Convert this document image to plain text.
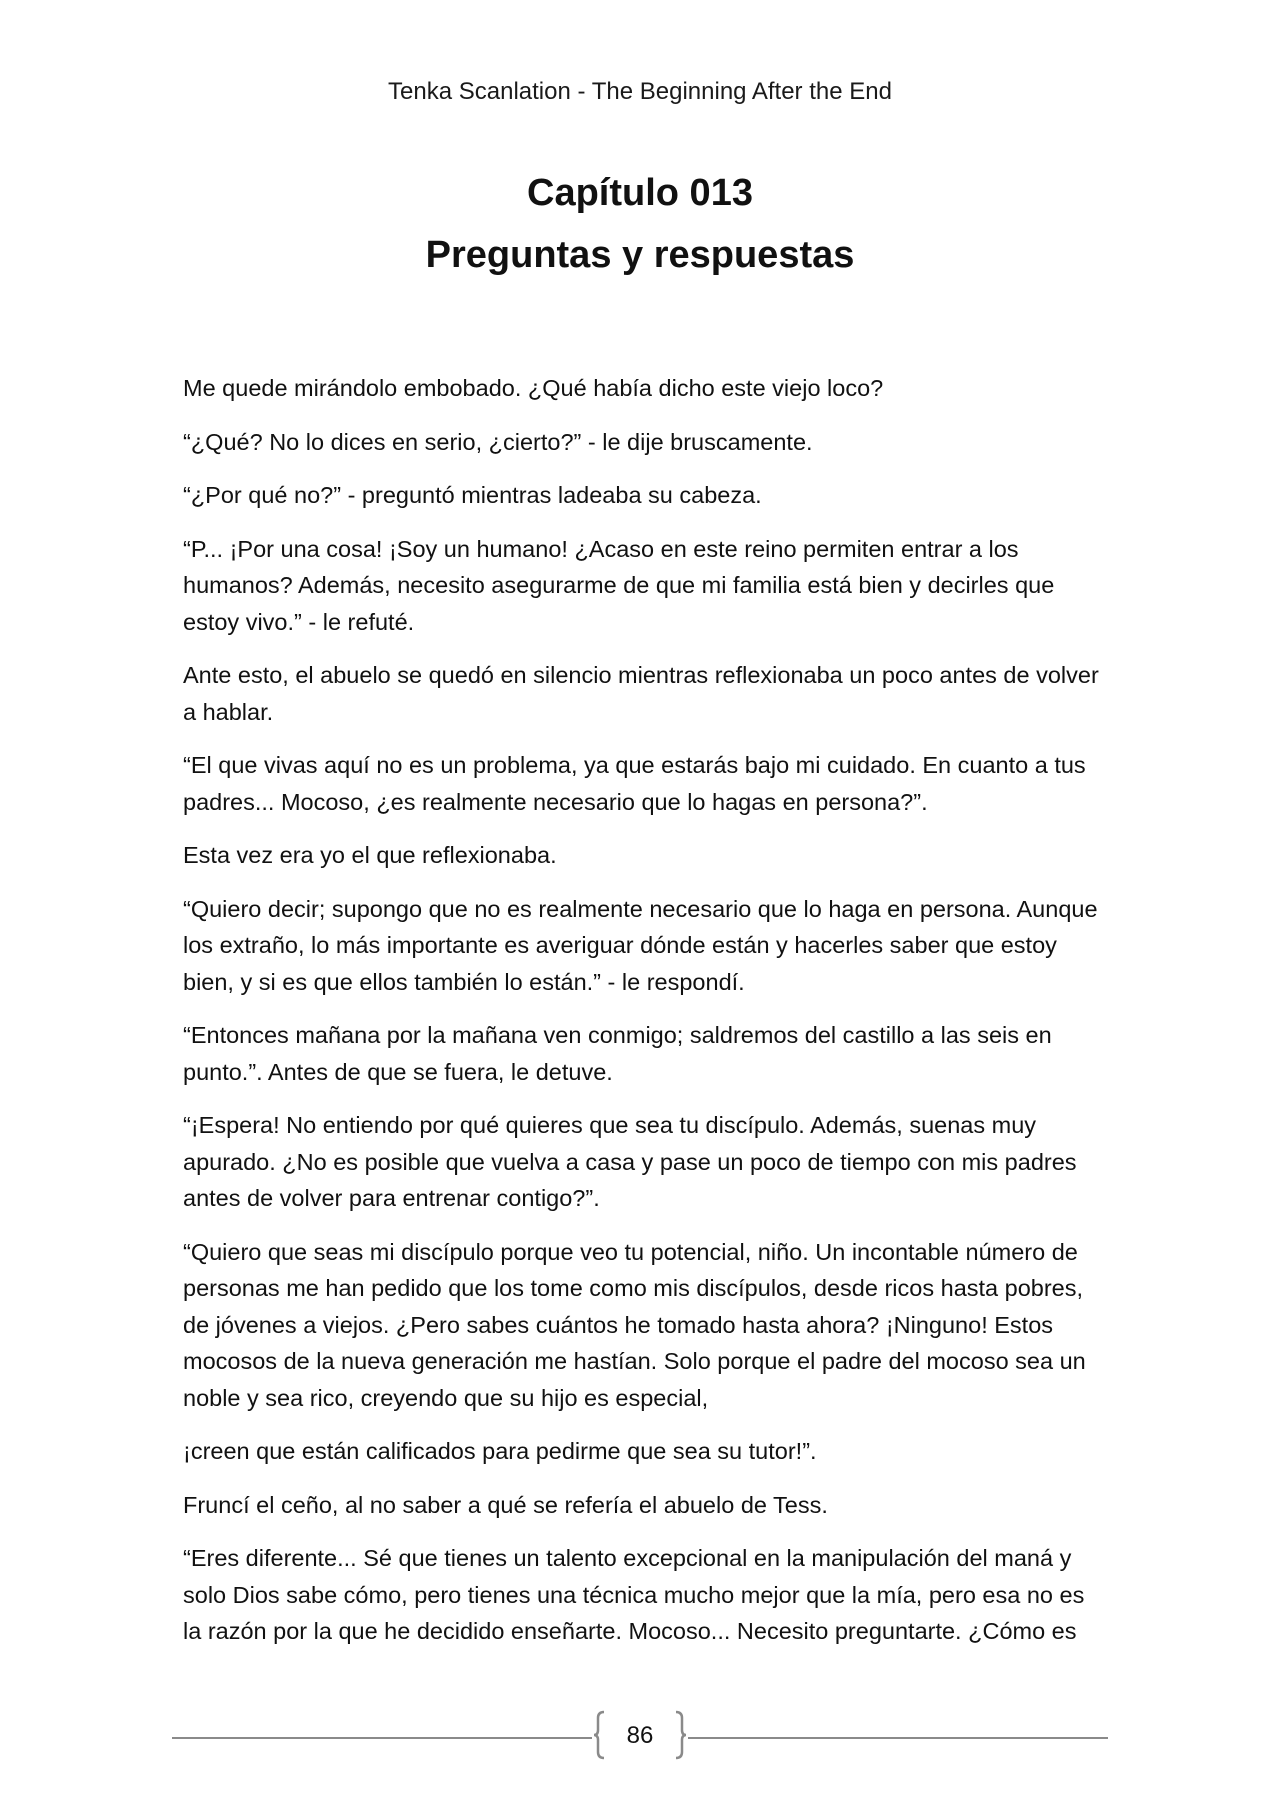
Tenka Scanlation - The Beginning After the End
Capítulo 013
Preguntas y respuestas

Me quede mirándolo embobado. ¿Qué había dicho este viejo loco?

“¿Qué? No lo dices en serio, ¿cierto?” - le dije bruscamente.

“¿Por qué no?” - preguntó mientras ladeaba su cabeza.

“P... ¡Por una cosa! ¡Soy un humano! ¿Acaso en este reino permiten entrar a los humanos? Además, necesito asegurarme de que mi familia está bien y decirles que estoy vivo.” - le refuté.

Ante esto, el abuelo se quedó en silencio mientras reflexionaba un poco antes de volver a hablar.

“El que vivas aquí no es un problema, ya que estarás bajo mi cuidado. En cuanto a tus padres... Mocoso, ¿es realmente necesario que lo hagas en persona?”.

Esta vez era yo el que reflexionaba.

“Quiero decir; supongo que no es realmente necesario que lo haga en persona. Aunque los extraño, lo más importante es averiguar dónde están y hacerles saber que estoy bien, y si es que ellos también lo están.” - le respondí.

“Entonces mañana por la mañana ven conmigo; saldremos del castillo a las seis en punto.”. Antes de que se fuera, le detuve.

“¡Espera! No entiendo por qué quieres que sea tu discípulo. Además, suenas muy apurado. ¿No es posible que vuelva a casa y pase un poco de tiempo con mis padres antes de volver para entrenar contigo?”.

“Quiero que seas mi discípulo porque veo tu potencial, niño. Un incontable número de personas me han pedido que los tome como mis discípulos, desde ricos hasta pobres, de jóvenes a viejos. ¿Pero sabes cuántos he tomado hasta ahora? ¡Ninguno! Estos mocosos de la nueva generación me hastían. Solo porque el padre del mocoso sea un noble y sea rico, creyendo que su hijo es especial,

¡creen que están calificados para pedirme que sea su tutor!”.

Fruncí el ceño, al no saber a qué se refería el abuelo de Tess.

“Eres diferente... Sé que tienes un talento excepcional en la manipulación del maná y solo Dios sabe cómo, pero tienes una técnica mucho mejor que la mía, pero esa no es la razón por la que he decidido enseñarte. Mocoso... Necesito preguntarte. ¿Cómo es

86
